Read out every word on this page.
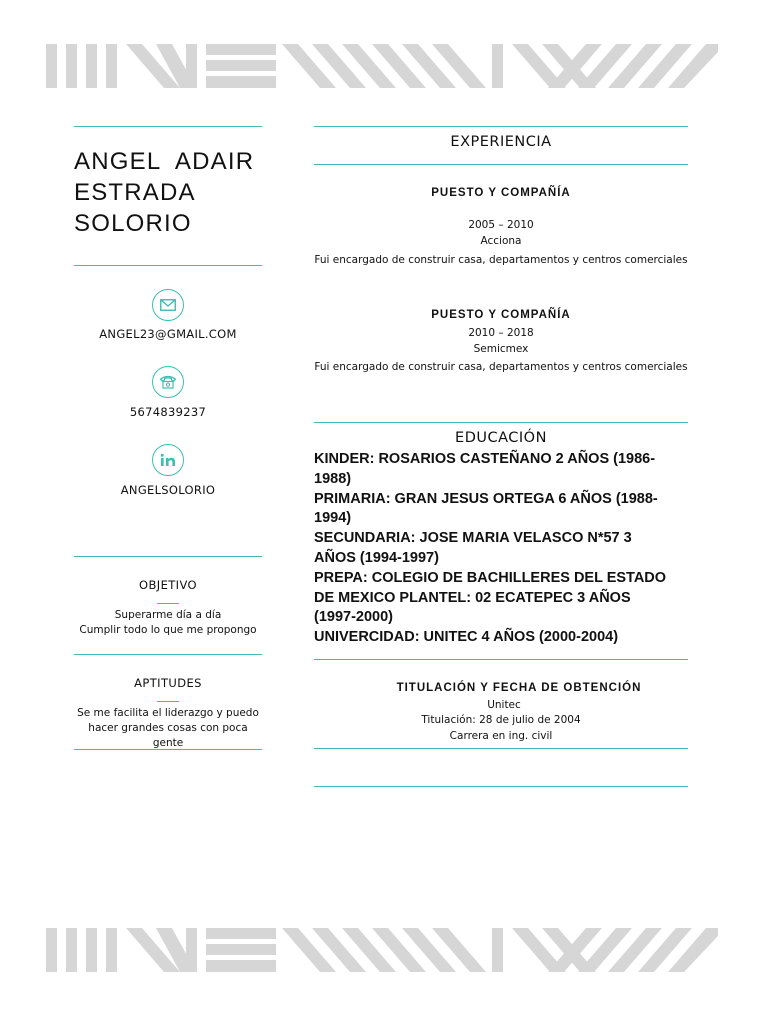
ANGEL  ADAIR
ESTRADA
SOLORIO
ANGEL23@GMAIL.COM
5674839237
ANGELSOLORIO
OBJETIVO
Superarme día a día
Cumplir todo lo que me propongo
APTITUDES
Se me facilita el liderazgo y puedo
hacer grandes cosas con poca gente
EXPERIENCIA
PUESTO Y COMPAÑÍA
2005 – 2010
Acciona
Fui encargado de construir casa, departamentos y centros comerciales
PUESTO Y COMPAÑÍA
2010 – 2018
Semicmex
Fui encargado de construir casa, departamentos y centros comerciales
EDUCACIÓN
KINDER: ROSARIOS CASTEÑANO 2 AÑOS (1986-
1988)
PRIMARIA: GRAN JESUS ORTEGA 6 AÑOS (1988-
1994)
SECUNDARIA: JOSE MARIA VELASCO N*57 3
AÑOS (1994-1997)
PREPA: COLEGIO DE BACHILLERES DEL ESTADO
DE MEXICO PLANTEL: 02 ECATEPEC 3 AÑOS
(1997-2000)
UNIVERCIDAD: UNITEC 4 AÑOS (2000-2004)
TITULACIÓN Y FECHA DE OBTENCIÓN
Unitec
Titulación: 28 de julio de 2004
Carrera en ing. civil
